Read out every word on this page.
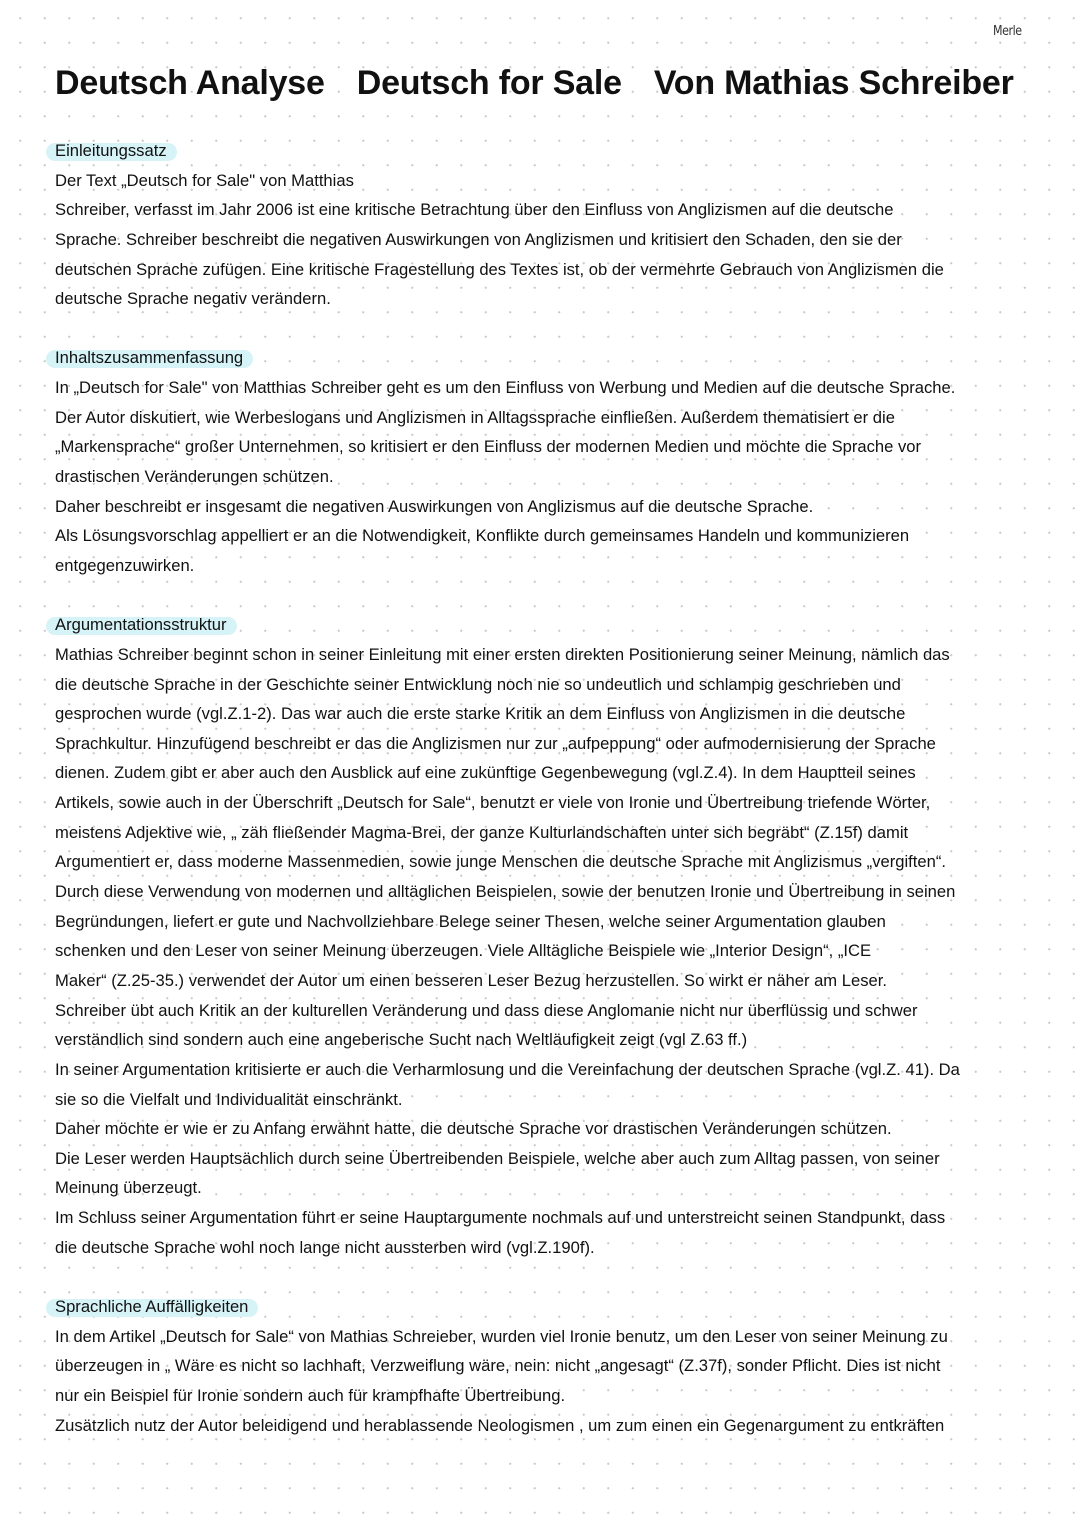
Merle
Deutsch Analyse Deutsch for Sale Von Mathias Schreiber
Einleitungssatz
Der Text „Deutsch for Sale" von Matthias
Schreiber, verfasst im Jahr 2006 ist eine kritische Betrachtung über den Einfluss von Anglizismen auf die deutsche
Sprache. Schreiber beschreibt die negativen Auswirkungen von Anglizismen und kritisiert den Schaden, den sie der
deutschen Sprache zufügen. Eine kritische Fragestellung des Textes ist, ob der vermehrte Gebrauch von Anglizismen die
deutsche Sprache negativ verändern.
Inhaltszusammenfassung
In „Deutsch for Sale" von Matthias Schreiber geht es um den Einfluss von Werbung und Medien auf die deutsche Sprache.
Der Autor diskutiert, wie Werbeslogans und Anglizismen in Alltagssprache einfließen. Außerdem thematisiert er die
„Markensprache“ großer Unternehmen, so kritisiert er den Einfluss der modernen Medien und möchte die Sprache vor
drastischen Veränderungen schützen.
Daher beschreibt er insgesamt die negativen Auswirkungen von Anglizismus auf die deutsche Sprache.
Als Lösungsvorschlag appelliert er an die Notwendigkeit, Konflikte durch gemeinsames Handeln und kommunizieren
entgegenzuwirken.
Argumentationsstruktur
Mathias Schreiber beginnt schon in seiner Einleitung mit einer ersten direkten Positionierung seiner Meinung, nämlich das
die deutsche Sprache in der Geschichte seiner Entwicklung noch nie so undeutlich und schlampig geschrieben und
gesprochen wurde (vgl.Z.1-2). Das war auch die erste starke Kritik an dem Einfluss von Anglizismen in die deutsche
Sprachkultur. Hinzufügend beschreibt er das die Anglizismen nur zur „aufpeppung“ oder aufmodernisierung der Sprache
dienen. Zudem gibt er aber auch den Ausblick auf eine zukünftige Gegenbewegung (vgl.Z.4). In dem Hauptteil seines
Artikels, sowie auch in der Überschrift „Deutsch for Sale“, benutzt er viele von Ironie und Übertreibung triefende Wörter,
meistens Adjektive wie, „ zäh fließender Magma-Brei, der ganze Kulturlandschaften unter sich begräbt“ (Z.15f) damit
Argumentiert er, dass moderne Massenmedien, sowie junge Menschen die deutsche Sprache mit Anglizismus „vergiften“.
Durch diese Verwendung von modernen und alltäglichen Beispielen, sowie der benutzen Ironie und Übertreibung in seinen
Begründungen, liefert er gute und Nachvollziehbare Belege seiner Thesen, welche seiner Argumentation glauben
schenken und den Leser von seiner Meinung überzeugen. Viele Alltägliche Beispiele wie „Interior Design“, „ICE
Maker“ (Z.25-35.) verwendet der Autor um einen besseren Leser Bezug herzustellen. So wirkt er näher am Leser.
Schreiber übt auch Kritik an der kulturellen Veränderung und dass diese Anglomanie nicht nur überflüssig und schwer
verständlich sind sondern auch eine angeberische Sucht nach Weltläufigkeit zeigt (vgl Z.63 ff.)
In seiner Argumentation kritisierte er auch die Verharmlosung und die Vereinfachung der deutschen Sprache (vgl.Z. 41). Da
sie so die Vielfalt und Individualität einschränkt.
Daher möchte er wie er zu Anfang erwähnt hatte, die deutsche Sprache vor drastischen Veränderungen schützen.
Die Leser werden Hauptsächlich durch seine Übertreibenden Beispiele, welche aber auch zum Alltag passen, von seiner
Meinung überzeugt.
Im Schluss seiner Argumentation führt er seine Hauptargumente nochmals auf und unterstreicht seinen Standpunkt, dass
die deutsche Sprache wohl noch lange nicht aussterben wird (vgl.Z.190f).
Sprachliche Auffälligkeiten
In dem Artikel „Deutsch for Sale“ von Mathias Schreieber, wurden viel Ironie benutz, um den Leser von seiner Meinung zu
überzeugen in „ Wäre es nicht so lachhaft, Verzweiflung wäre, nein: nicht „angesagt“ (Z.37f), sonder Pflicht. Dies ist nicht
nur ein Beispiel für Ironie sondern auch für krampfhafte Übertreibung.
Zusätzlich nutz der Autor beleidigend und herablassende Neologismen , um zum einen ein Gegenargument zu entkräften
